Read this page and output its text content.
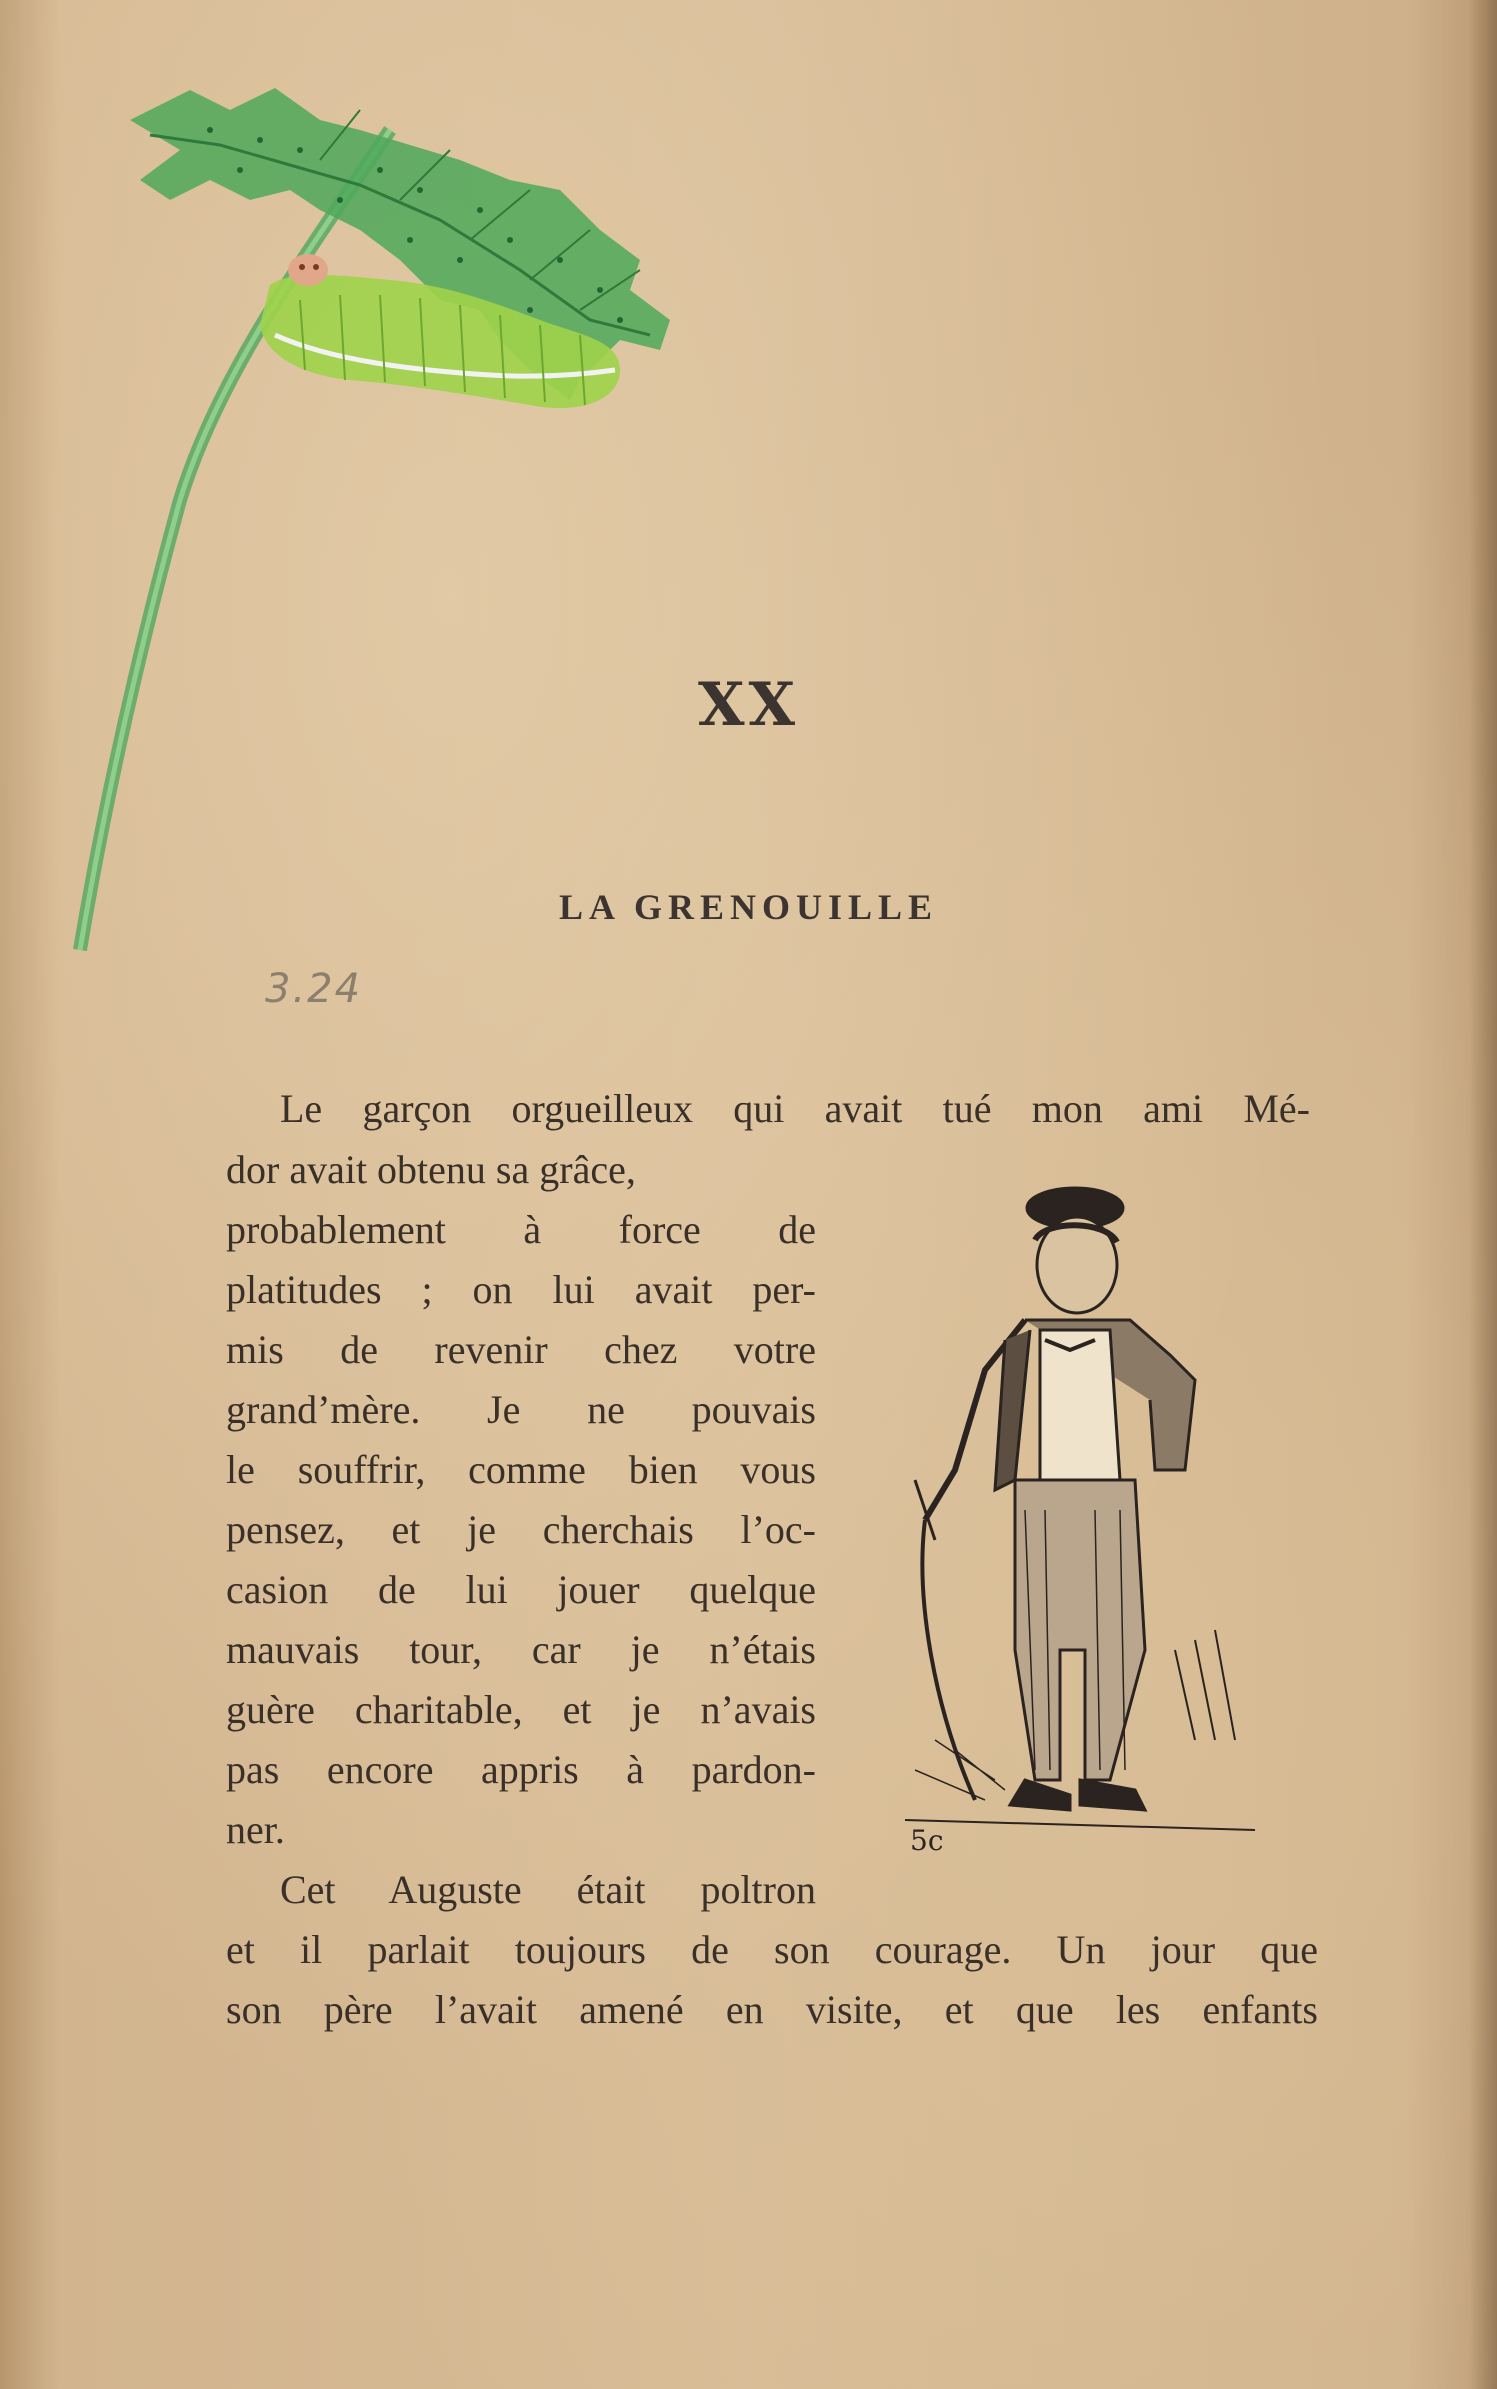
XX
LA GRENOUILLE
3.24
Le garçon orgueilleux qui avait tué mon ami Mé-
dor avait obtenu sa grâce,
probablement à force de
platitudes ; on lui avait per-
mis de revenir chez votre
grand’mère. Je ne pouvais
le souffrir, comme bien vous
pensez, et je cherchais l’oc-
casion de lui jouer quelque
mauvais tour, car je n’étais
guère charitable, et je n’avais
pas encore appris à pardon-
ner.
Cet Auguste était poltron
et il parlait toujours de son courage. Un jour que
son père l’avait amené en visite, et que les enfants
5c
